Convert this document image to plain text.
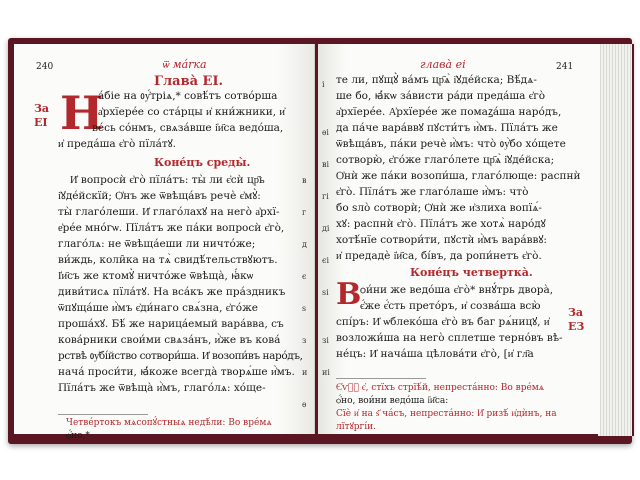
240	ѿ мárка
Глава̀ ЕІ.
За
ЕІ Н
а́біе на ᲂу҆́тріѧ,* совѣ́тъ сотво́рша
а҆рхїере́е со ста́рцы и҆ кни́жники, и҆
ве́сь со́нмъ, свѧза́вше і҆и҃са ведо́ша,
и҆ преда́ша є҆го̀ пїла́тꙋ.
Коне́цъ среды̀.
И҆ вопросѝ є҆го̀ пїла́тъ: ты̀ ли є҆сѝ цр҃ь
і҆ꙋде́йскїй; Ѻ҆нъ же ѿвѣща́въ речѐ є҆мꙋ̀:
ты̀ глаго́леши. И҆ глаго́лахꙋ на него̀ а҆рхї-
е҆ре́е мно́гѡ. Пїла́тъ же па́ки вопросѝ є҆го̀,
глаго́лѧ: не ѿвѣща́еши ли ничто́же;
ви́ждь, коли̑ка на тѧ̀ свидѣ́тельствꙋютъ.
І҆и҃съ же ктомꙋ̀ ничто́же ѿвѣща̀, ꙗ҆́кѡ
диви́тисѧ пїла́тꙋ. На вса́къ же пра́здникъ
ѿпꙋща́ше и҆̀мъ є҆ди́наго свѧ́зна, є҆го́же
проша́хꙋ. Бѣ́ же нарица́емый вара́вва, съ
кова́рники свои́ми свѧза́нъ, и҆̀же въ кова́
рствѣ ᲂу҆бі́йство сотвори́ша. И҆ возопи́въ наро́дъ,
нача́ проси́ти, ꙗ҆́коже всегда̀ творѧ́ше и҆̀мъ.
Пїла́тъ же ѿвѣща̀ и҆̀мъ, глаго́лѧ: хо́ще-
в
г
д
є
ѕ
з
и
ѳ
Четве́ртокъ мѧсопꙋ́стныѧ недѣ́ли: Во вре́мѧ
ѻ҆́но,*
глава̀ еі	241
те ли, пꙋщꙋ̀ ва́мъ цр҃ѧ̀ і҆ꙋде́йска; Вѣ́дѧ-
ше бо, ꙗ҆́кѡ за́висти ра́ди преда́ша є҆го̀
а҆рхїере́е. А҆рхїере́е же помаꙁа́ша наро́дъ,
да па́че вара́ввꙋ пꙋсти́тъ и҆̀мъ. Пїла́тъ же
ѿвѣща́въ, па́ки речѐ и҆̀мъ: что̀ ᲂу҆̀бо хо́щете
сотворю̀, є҆го́же глаго́лете цр҃ѧ̀ і҆ꙋде́йска;
Ѻ҆нѝ же па́ки возопи́ша, глаго́люще: распнѝ
є҆го̀. Пїла́тъ же глаго́лаше и҆̀мъ: что̀
бо ѕло̀ сотворѝ; Ѻ҆нѝ же и҆злиха вопїѧ́-
хꙋ: распнѝ є҆го̀. Пїла́тъ же хотѧ̀ наро́дꙋ
хотѣ́нїе сотвори́ти, пꙋстѝ и҆̀мъ вара́ввꙋ:
и҆ предадѐ і҆и҃са, бі́въ, да ропи́нетъ є҆го̀.
і
ѳі
ві
гі
ді
єі
Коне́цъ четвертка̀.
В
ѻи́ни же ведо́ша є҆го̀* внꙋ́трь двора̀,
є҆́же є҆́сть прето́ръ, и҆ созва́ша всю̀
спі́ръ: И҆ ѡблеко́ша є҆го̀ въ баг рѧ́ницꙋ, и҆
возложи́ша на него̀ сплетше терно́въ вѣ-
не́цъ: И҆ нача́ша цѣлова́ти є҆го̀, [и҆ гл҃а
ѕі
зі
иі
За
ЕЗ
Є҆ѵⷢ҇ є҆, стїхъ стрїѣ́й, непреста́нно: Во вре́мѧ
ѻ҆́но, вои́ни ведо́ша і҆и҃са:
Сїѐ и҆ на ѕ҃ ча́съ, непреста́нно: И҆ ризѣ́ и҆дѝнъ, на
лїтꙋргі́и.
